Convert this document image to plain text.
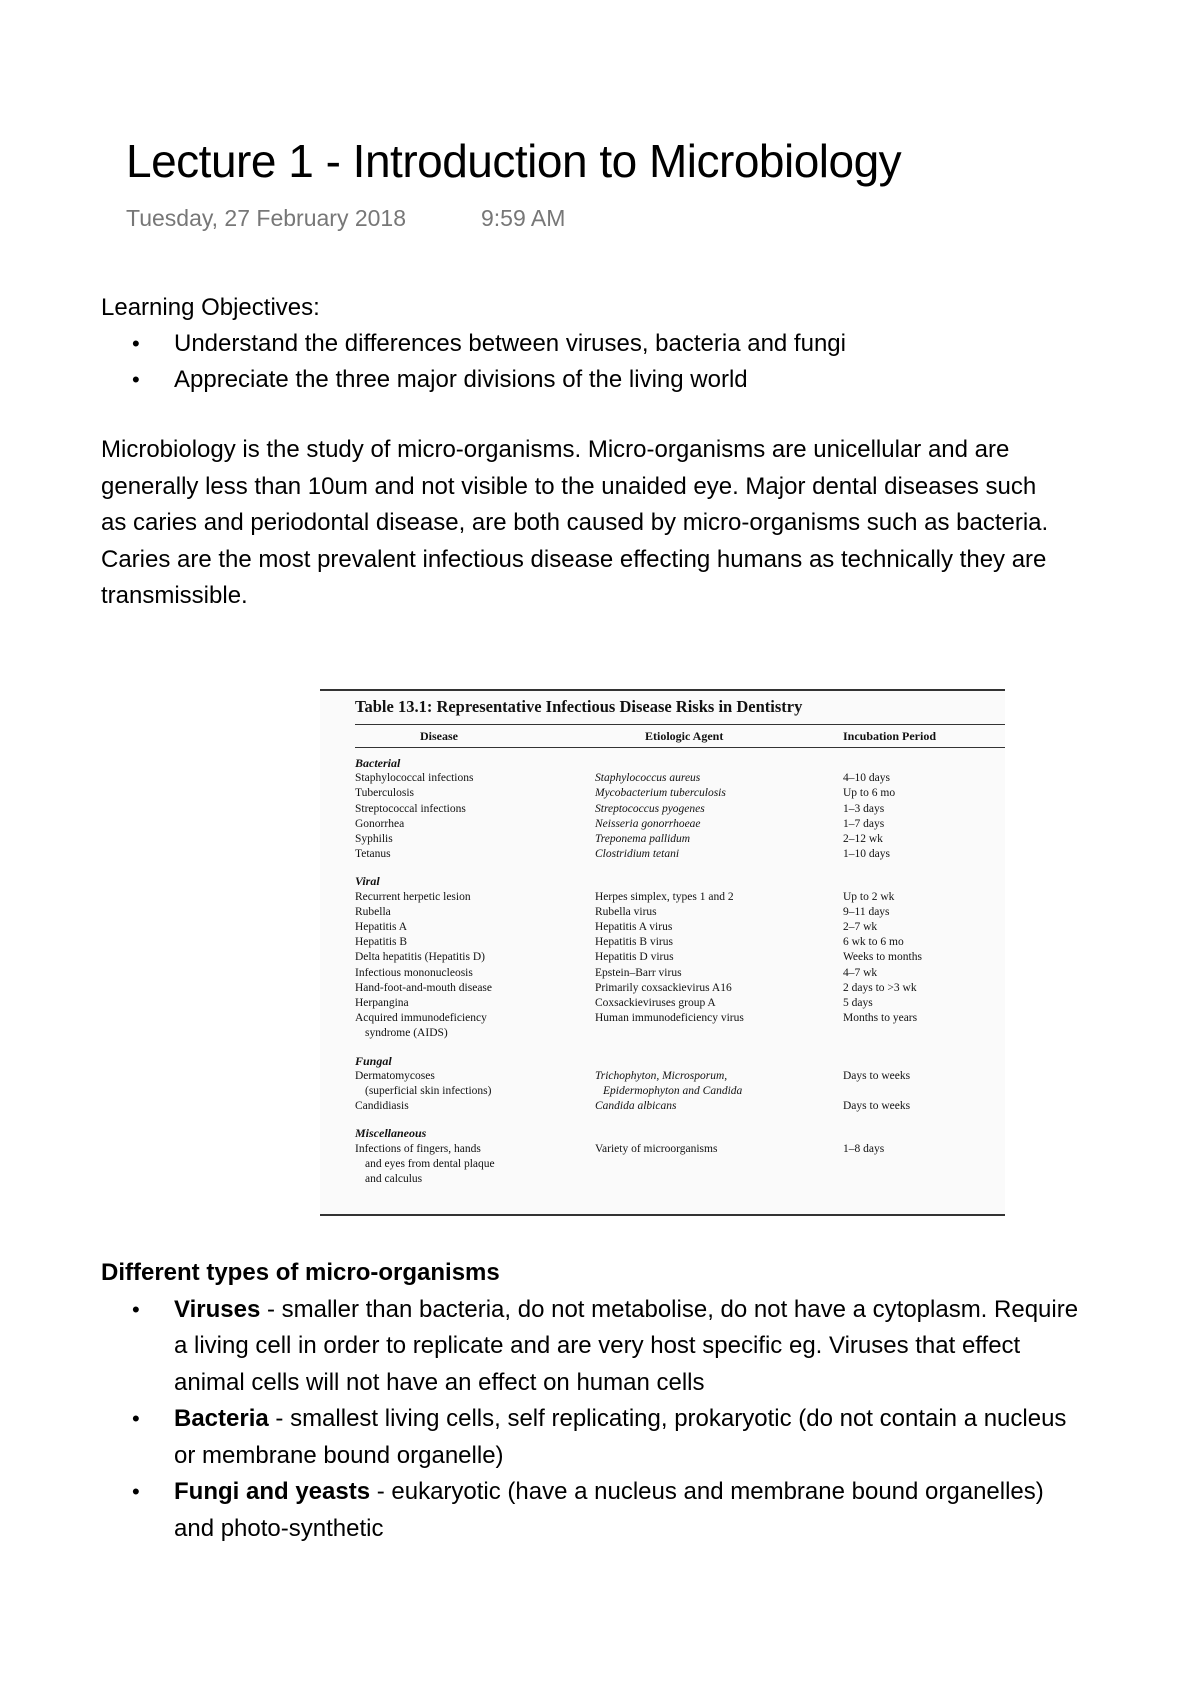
Lecture 1 - Introduction to Microbiology
Tuesday, 27 February 2018	9:59 AM

Learning Objectives:

• Understand the differences between viruses, bacteria and fungi
• Appreciate the three major divisions of the living world

Microbiology is the study of micro-organisms. Micro-organisms are unicellular and are generally less than 10um and not visible to the unaided eye. Major dental diseases such as caries and periodontal disease, are both caused by micro-organisms such as bacteria. Caries are the most prevalent infectious disease effecting humans as technically they are transmissible.

Table 13.1: Representative Infectious Disease Risks in Dentistry
Disease	Etiologic Agent	Incubation Period
Bacterial
Staphylococcal infections	Staphylococcus aureus	4–10 days
Tuberculosis	Mycobacterium tuberculosis	Up to 6 mo
Streptococcal infections	Streptococcus pyogenes	1–3 days
Gonorrhea	Neisseria gonorrhoeae	1–7 days
Syphilis	Treponema pallidum	2–12 wk
Tetanus	Clostridium tetani	1–10 days
Viral
Recurrent herpetic lesion	Herpes simplex, types 1 and 2	Up to 2 wk
Rubella	Rubella virus	9–11 days
Hepatitis A	Hepatitis A virus	2–7 wk
Hepatitis B	Hepatitis B virus	6 wk to 6 mo
Delta hepatitis (Hepatitis D)	Hepatitis D virus	Weeks to months
Infectious mononucleosis	Epstein–Barr virus	4–7 wk
Hand-foot-and-mouth disease	Primarily coxsackievirus A16	2 days to >3 wk
Herpangina	Coxsackieviruses group A	5 days
Acquired immunodeficiency	Human immunodeficiency virus	Months to years
syndrome (AIDS)
Fungal
Dermatomycoses	Trichophyton, Microsporum,	Days to weeks
(superficial skin infections)	Epidermophyton and Candida
Candidiasis	Candida albicans	Days to weeks
Miscellaneous
Infections of fingers, hands	Variety of microorganisms	1–8 days
and eyes from dental plaque
and calculus

Different types of micro-organisms

• Viruses - smaller than bacteria, do not metabolise, do not have a cytoplasm. Require a living cell in order to replicate and are very host specific eg. Viruses that effect animal cells will not have an effect on human cells
• Bacteria - smallest living cells, self replicating, prokaryotic (do not contain a nucleus or membrane bound organelle)
• Fungi and yeasts - eukaryotic (have a nucleus and membrane bound organelles) and photo-synthetic
